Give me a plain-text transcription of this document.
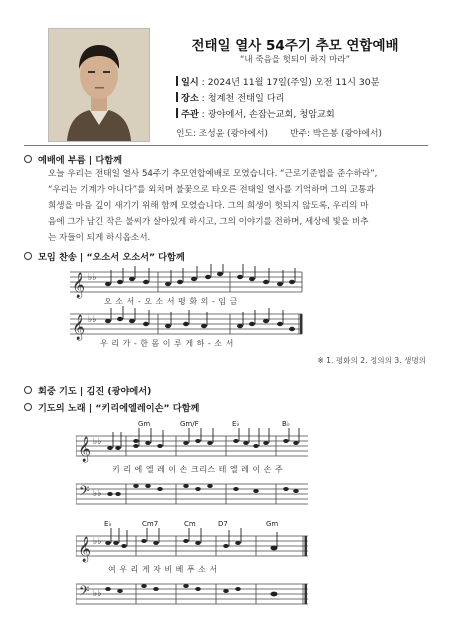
전태일 열사 54주기 추모 연합예배
“내 죽음을 헛되이 하지 마라”
일시 : 2024년 11월 17일(주일) 오전 11시 30분
장소 : 청계천 전태일 다리
주관 : 광야에서, 손잡는교회, 청암교회
인도: 조성윤 (광야에서)	반주: 박은봉 (광야에서)
예배에 부름 | 다함께
오늘 우리는 전태일 열사 54주기 추모연합예배로 모였습니다. “근로기준법을 준수하라”,
“우리는 기계가 아니다”를 외치며 불꽃으로 타오른 전태일 열사를 기억하며 그의 고통과
희생을 마음 깊이 새기기 위해 함께 모였습니다. 그의 희생이 헛되지 않도록, 우리의 마
음에 그가 남긴 작은 불씨가 살아있게 하시고, 그의 이야기를 전하며, 세상에 빛을 비추
는 자들이 되게 하시옵소서.
모임 찬송 | “오소서 오소서” 다함께
𝄞 ♭♭
오 소 서 - 오 소 서 평 화 의 - 임 금
𝄞 ♭♭
우 리 가 - 한 몸 이 루 게 하 - 소 서
※ 1. 평화의 2. 정의의 3. 생명의
회중 기도 | 김진 (광야에서)
기도의 노래 | “키리에엘레이손” 다함께
Gm	Gm/F	E♭	B♭
𝄞 ♭♭
키 리 에 엘 레 이 손 크리스 테 엘 레 이 손 주
𝄢 ♭♭
E♭	Cm7	Cm	D7	Gm
𝄞 ♭♭
여 우 리 게 자 비 베 푸 소 서
𝄢 ♭♭
